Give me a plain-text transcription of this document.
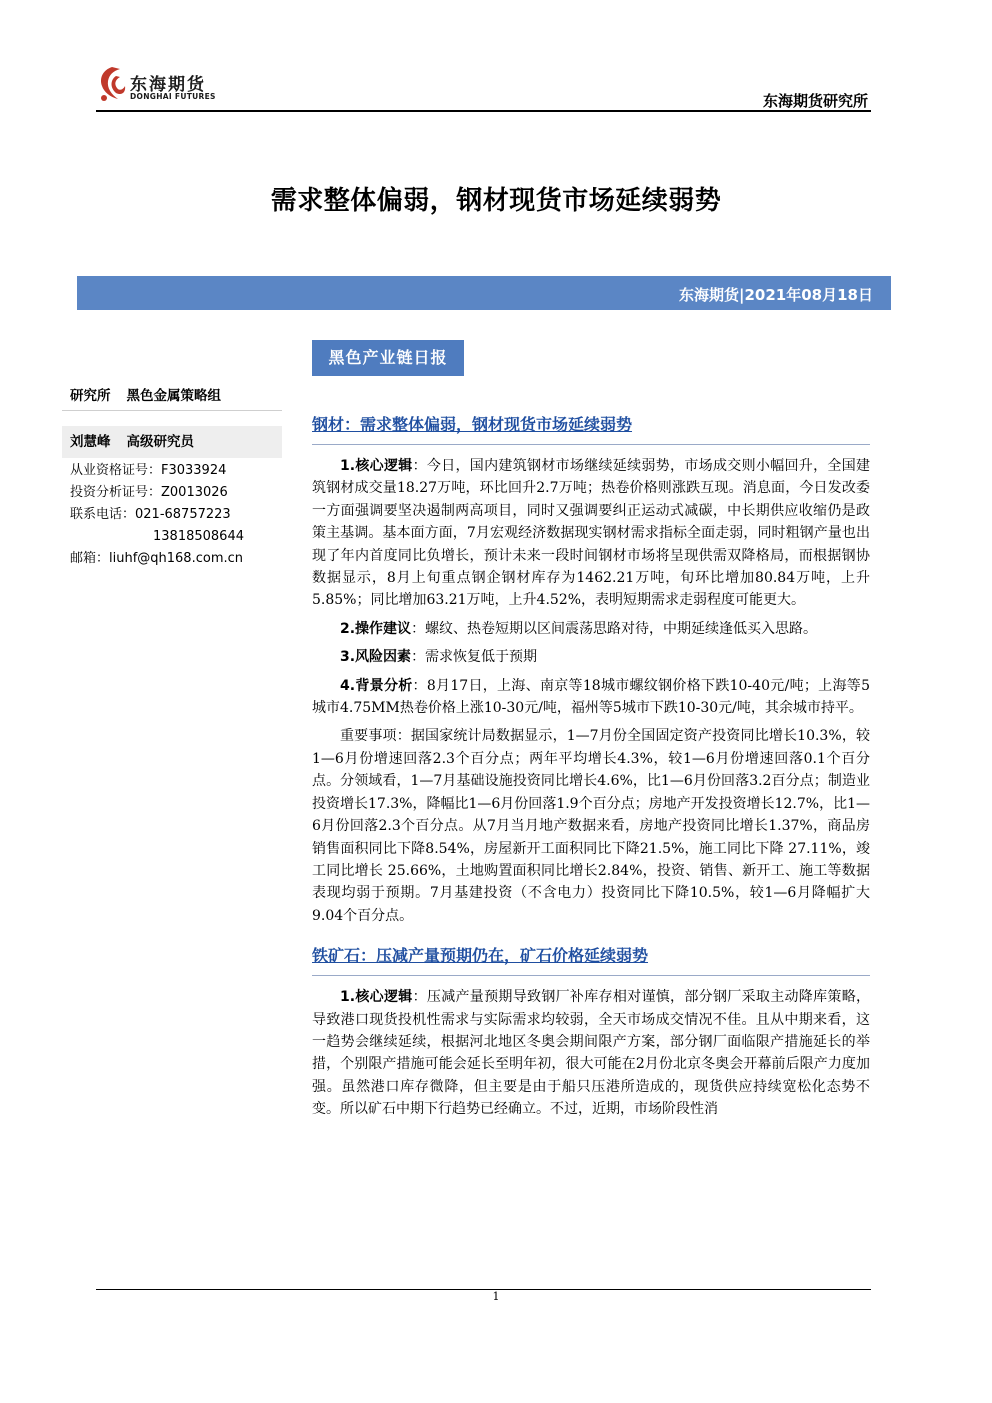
东海期货
DONGHAI FUTURES	东海期货研究所
需求整体偏弱，钢材现货市场延续弱势
东海期货|2021年08月18日
黑色产业链日报
研究所 黑色金属策略组
刘慧峰 高级研究员
从业资格证号：F3033924
投资分析证号：Z0013026
联系电话：021-68757223
13818508644
邮箱：liuhf@qh168.com.cn
钢材：需求整体偏弱，钢材现货市场延续弱势

1.核心逻辑：今日，国内建筑钢材市场继续延续弱势，市场成交则小幅回升，全国建筑钢材成交量18.27万吨，环比回升2.7万吨；热卷价格则涨跌互现。消息面，今日发改委一方面强调要坚决遏制两高项目，同时又强调要纠正运动式减碳，中长期供应收缩仍是政策主基调。基本面方面，7月宏观经济数据现实钢材需求指标全面走弱，同时粗钢产量也出现了年内首度同比负增长，预计未来一段时间钢材市场将呈现供需双降格局，而根据钢协数据显示，8月上旬重点钢企钢材库存为1462.21万吨，旬环比增加80.84万吨，上升5.85%；同比增加63.21万吨，上升4.52%，表明短期需求走弱程度可能更大。

2.操作建议：螺纹、热卷短期以区间震荡思路对待，中期延续逢低买入思路。

3.风险因素：需求恢复低于预期

4.背景分析：8月17日，上海、南京等18城市螺纹钢价格下跌10-40元/吨；上海等5城市4.75MM热卷价格上涨10-30元/吨，福州等5城市下跌10-30元/吨，其余城市持平。

重要事项：据国家统计局数据显示，1—7月份全国固定资产投资同比增长10.3%，较1—6月份增速回落2.3个百分点；两年平均增长4.3%，较1—6月份增速回落0.1个百分点。分领域看，1—7月基础设施投资同比增长4.6%，比1—6月份回落3.2百分点；制造业投资增长17.3%，降幅比1—6月份回落1.9个百分点；房地产开发投资增长12.7%，比1—6月份回落2.3个百分点。从7月当月地产数据来看，房地产投资同比增长1.37%，商品房销售面积同比下降8.54%，房屋新开工面积同比下降21.5%，施工同比下降 27.11%，竣工同比增长 25.66%，土地购置面积同比增长2.84%，投资、销售、新开工、施工等数据表现均弱于预期。7月基建投资（不含电力）投资同比下降10.5%，较1—6月降幅扩大9.04个百分点。

铁矿石：压减产量预期仍在，矿石价格延续弱势

1.核心逻辑：压减产量预期导致钢厂补库存相对谨慎，部分钢厂采取主动降库策略，导致港口现货投机性需求与实际需求均较弱，全天市场成交情况不佳。且从中期来看，这一趋势会继续延续，根据河北地区冬奥会期间限产方案，部分钢厂面临限产措施延长的举措，个别限产措施可能会延长至明年初，很大可能在2月份北京冬奥会开幕前后限产力度加强。虽然港口库存微降，但主要是由于船只压港所造成的，现货供应持续宽松化态势不变。所以矿石中期下行趋势已经确立。不过，近期，市场阶段性消

1
